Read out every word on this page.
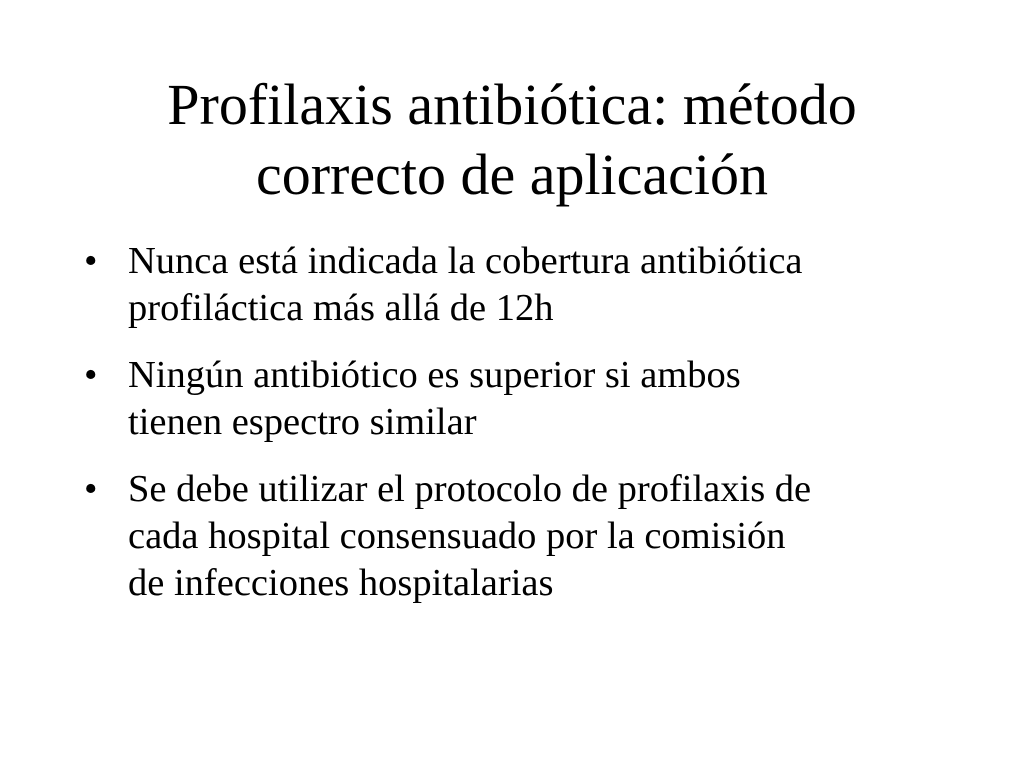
Profilaxis antibiótica: método
correcto de aplicación
• Nunca está indicada la cobertura antibiótica
profiláctica más allá de 12h
• Ningún antibiótico es superior si ambos
tienen espectro similar
• Se debe utilizar el protocolo de profilaxis de
cada hospital consensuado por la comisión
de infecciones hospitalarias
